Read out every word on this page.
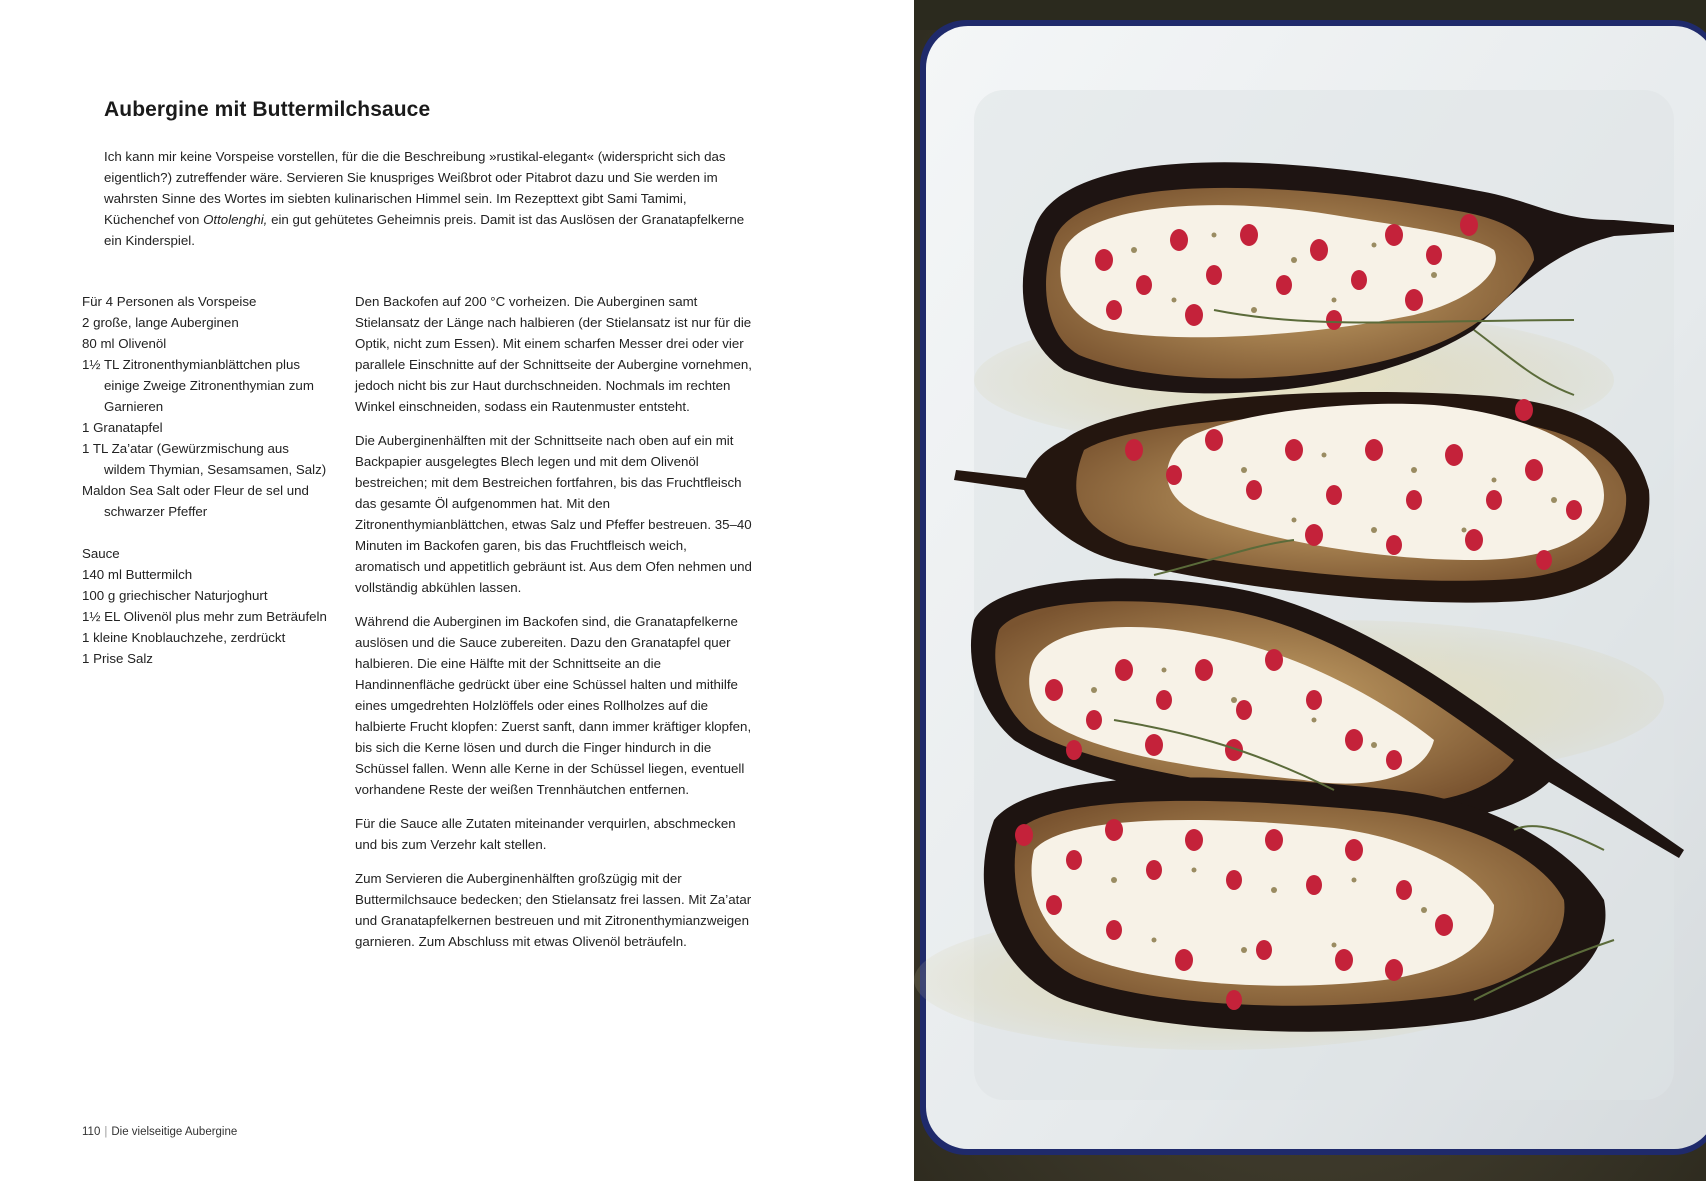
Aubergine mit Buttermilchsauce

Ich kann mir keine Vorspeise vorstellen, für die die Beschreibung »rustikal-elegant« (widerspricht sich das eigentlich?) zutreffender wäre. Servieren Sie knuspriges Weißbrot oder Pitabrot dazu und Sie werden im wahrsten Sinne des Wortes im siebten kulinarischen Himmel sein. Im Rezepttext gibt Sami Tamimi, Küchenchef von Ottolenghi, ein gut gehütetes Geheimnis preis. Damit ist das Auslösen der Granatapfelkerne ein Kinderspiel.

Für 4 Personen als Vorspeise
2 große, lange Auberginen
80 ml Olivenöl
1½ TL Zitronenthymianblättchen plus
einige Zweige Zitronenthymian zum
Garnieren
1 Granatapfel
1 TL Za’atar (Gewürzmischung aus
wildem Thymian, Sesamsamen, Salz)
Maldon Sea Salt oder Fleur de sel und
schwarzer Pfeffer
Sauce
140 ml Buttermilch
100 g griechischer Naturjoghurt
1½ EL Olivenöl plus mehr zum Beträufeln
1 kleine Knoblauchzehe, zerdrückt
1 Prise Salz

Den Backofen auf 200 °C vorheizen. Die Auberginen samt Stielansatz der Länge nach halbieren (der Stielansatz ist nur für die Optik, nicht zum Essen). Mit einem scharfen Messer drei oder vier parallele Einschnitte auf der Schnittseite der Aubergine vornehmen, jedoch nicht bis zur Haut durchschneiden. Nochmals im rechten Winkel einschneiden, sodass ein Rautenmuster entsteht.

Die Auberginenhälften mit der Schnittseite nach oben auf ein mit Backpapier ausgelegtes Blech legen und mit dem Olivenöl bestreichen; mit dem Bestreichen fortfahren, bis das Fruchtfleisch das gesamte Öl aufgenommen hat. Mit den Zitronenthymianblättchen, etwas Salz und Pfeffer bestreuen. 35–40 Minuten im Backofen garen, bis das Fruchtfleisch weich, aromatisch und appetitlich gebräunt ist. Aus dem Ofen nehmen und vollständig abkühlen lassen.

Während die Auberginen im Backofen sind, die Granatapfelkerne auslösen und die Sauce zubereiten. Dazu den Granatapfel quer halbieren. Die eine Hälfte mit der Schnittseite an die Handinnenfläche gedrückt über eine Schüssel halten und mithilfe eines umgedrehten Holzlöffels oder eines Rollholzes auf die halbierte Frucht klopfen: Zuerst sanft, dann immer kräftiger klopfen, bis sich die Kerne lösen und durch die Finger hindurch in die Schüssel fallen. Wenn alle Kerne in der Schüssel liegen, eventuell vorhandene Reste der weißen Trennhäutchen entfernen.

Für die Sauce alle Zutaten miteinander verquirlen, abschmecken und bis zum Verzehr kalt stellen.

Zum Servieren die Auberginenhälften großzügig mit der Buttermilchsauce bedecken; den Stielansatz frei lassen. Mit Za’atar und Granatapfelkernen bestreuen und mit Zitronenthymianzweigen garnieren. Zum Abschluss mit etwas Olivenöl beträufeln.

110 | Die vielseitige Aubergine
